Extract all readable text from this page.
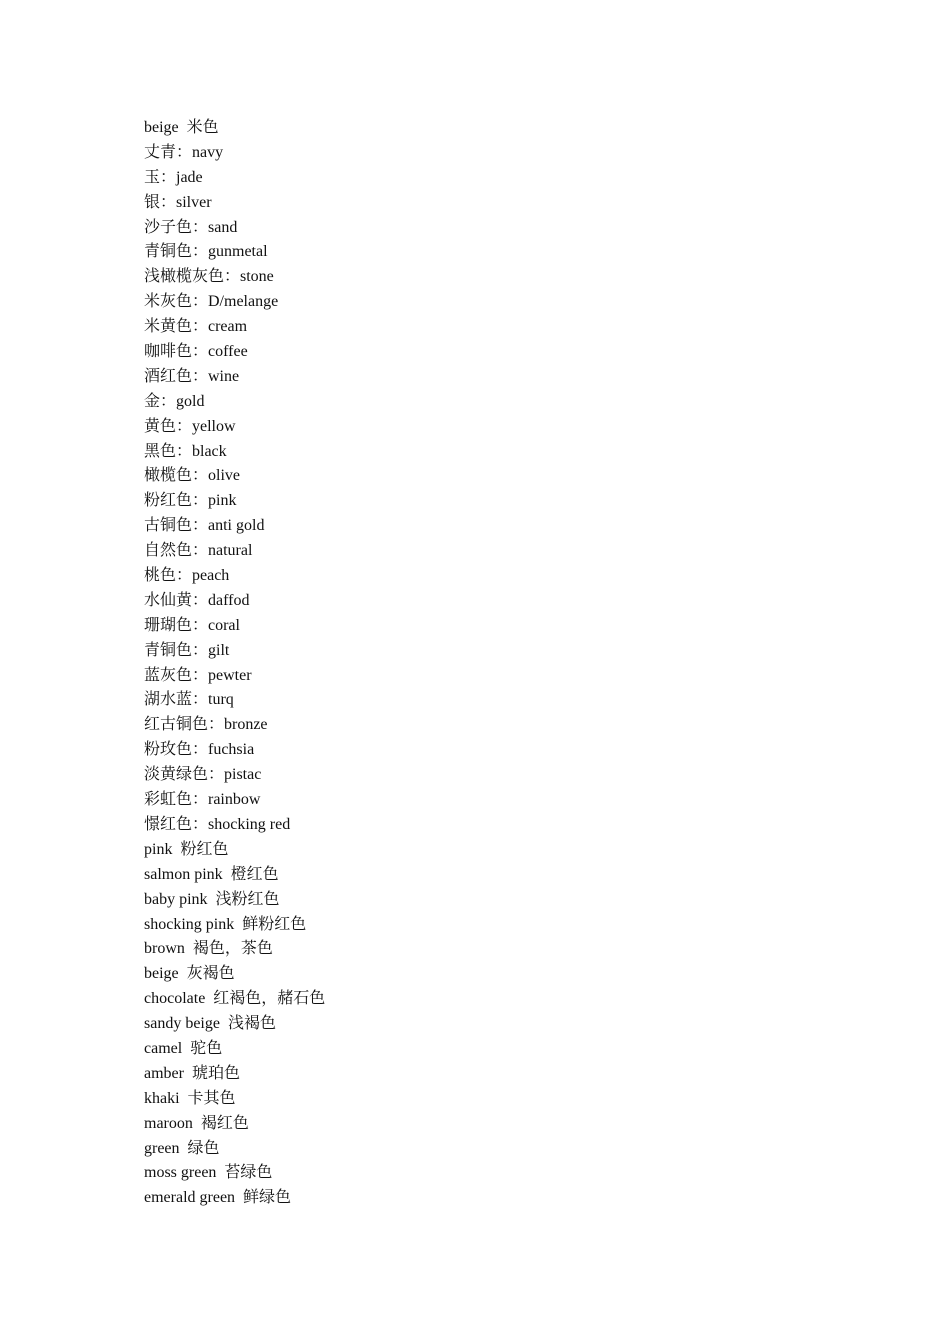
beige  米色
丈青：navy
玉：jade
银：silver
沙子色：sand
青铜色：gunmetal
浅橄榄灰色：stone
米灰色：D/melange
米黄色：cream
咖啡色：coffee
酒红色：wine
金：gold
黄色：yellow
黑色：black
橄榄色：olive
粉红色：pink
古铜色：anti gold
自然色：natural
桃色：peach
水仙黄：daffod
珊瑚色：coral
青铜色：gilt
蓝灰色：pewter
湖水蓝：turq
红古铜色：bronze
粉玫色：fuchsia
淡黄绿色：pistac
彩虹色：rainbow
憬红色：shocking red
pink  粉红色
salmon pink  橙红色
baby pink  浅粉红色
shocking pink  鲜粉红色
brown  褐色，茶色
beige  灰褐色
chocolate  红褐色，赭石色
sandy beige  浅褐色
camel  驼色
amber  琥珀色
khaki  卡其色
maroon  褐红色
green  绿色
moss green  苔绿色
emerald green  鲜绿色
